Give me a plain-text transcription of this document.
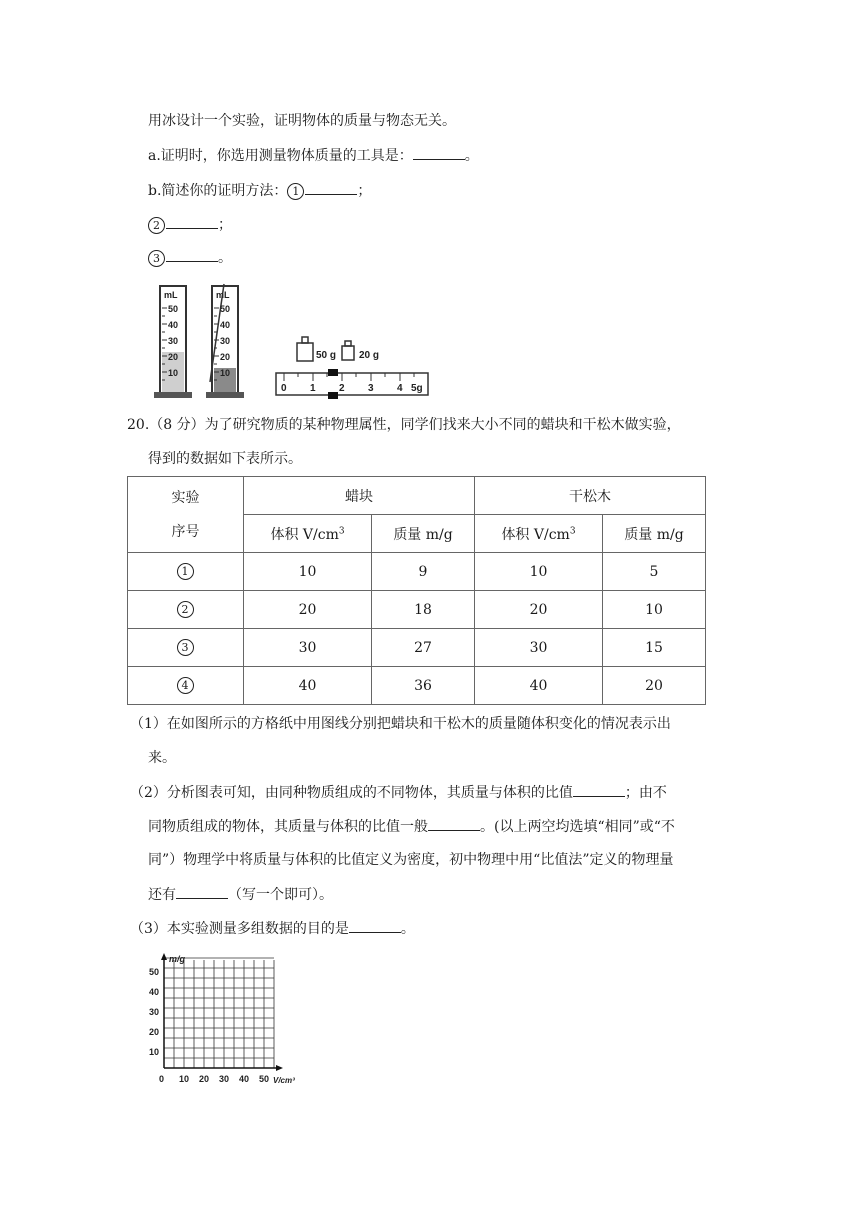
用冰设计一个实验，证明物体的质量与物态无关。
a.证明时，你选用测量物体质量的工具是：	。
b.简述你的证明方法： 1	；
2	；
3	。
mL
50
40
30
20
10
mL
50
40
30
20
10
50 g 20 g
0 1 2 3 4 5g
20.（8 分）为了研究物质的某种物理属性，同学们找来大小不同的蜡块和干松木做实验，
得到的数据如下表所示。
实验
序号	蜡块		干松木	
	体积 $V/cm^3$	质量 m/g	体积 $V/cm^3$	质量 m/g
1	10	9	10	5
2	20	18	20	10
3	30	27	30	15
4	40	36	40	20
（1）在如图所示的方格纸中用图线分别把蜡块和干松木的质量随体积变化的情况表示出
来。
（2）分析图表可知，由同种物质组成的不同物体，其质量与体积的比值	；由不
同物质组成的物体，其质量与体积的比值一般	。(以上两空均选填“相同”或“不
同”）物理学中将质量与体积的比值定义为密度，初中物理中用“比值法”定义的物理量
还有	（写一个即可）。
（3）本实验测量多组数据的目的是	。
m/g
50
40
30
20
10
0 10 20 30 40 50 V/cm³
